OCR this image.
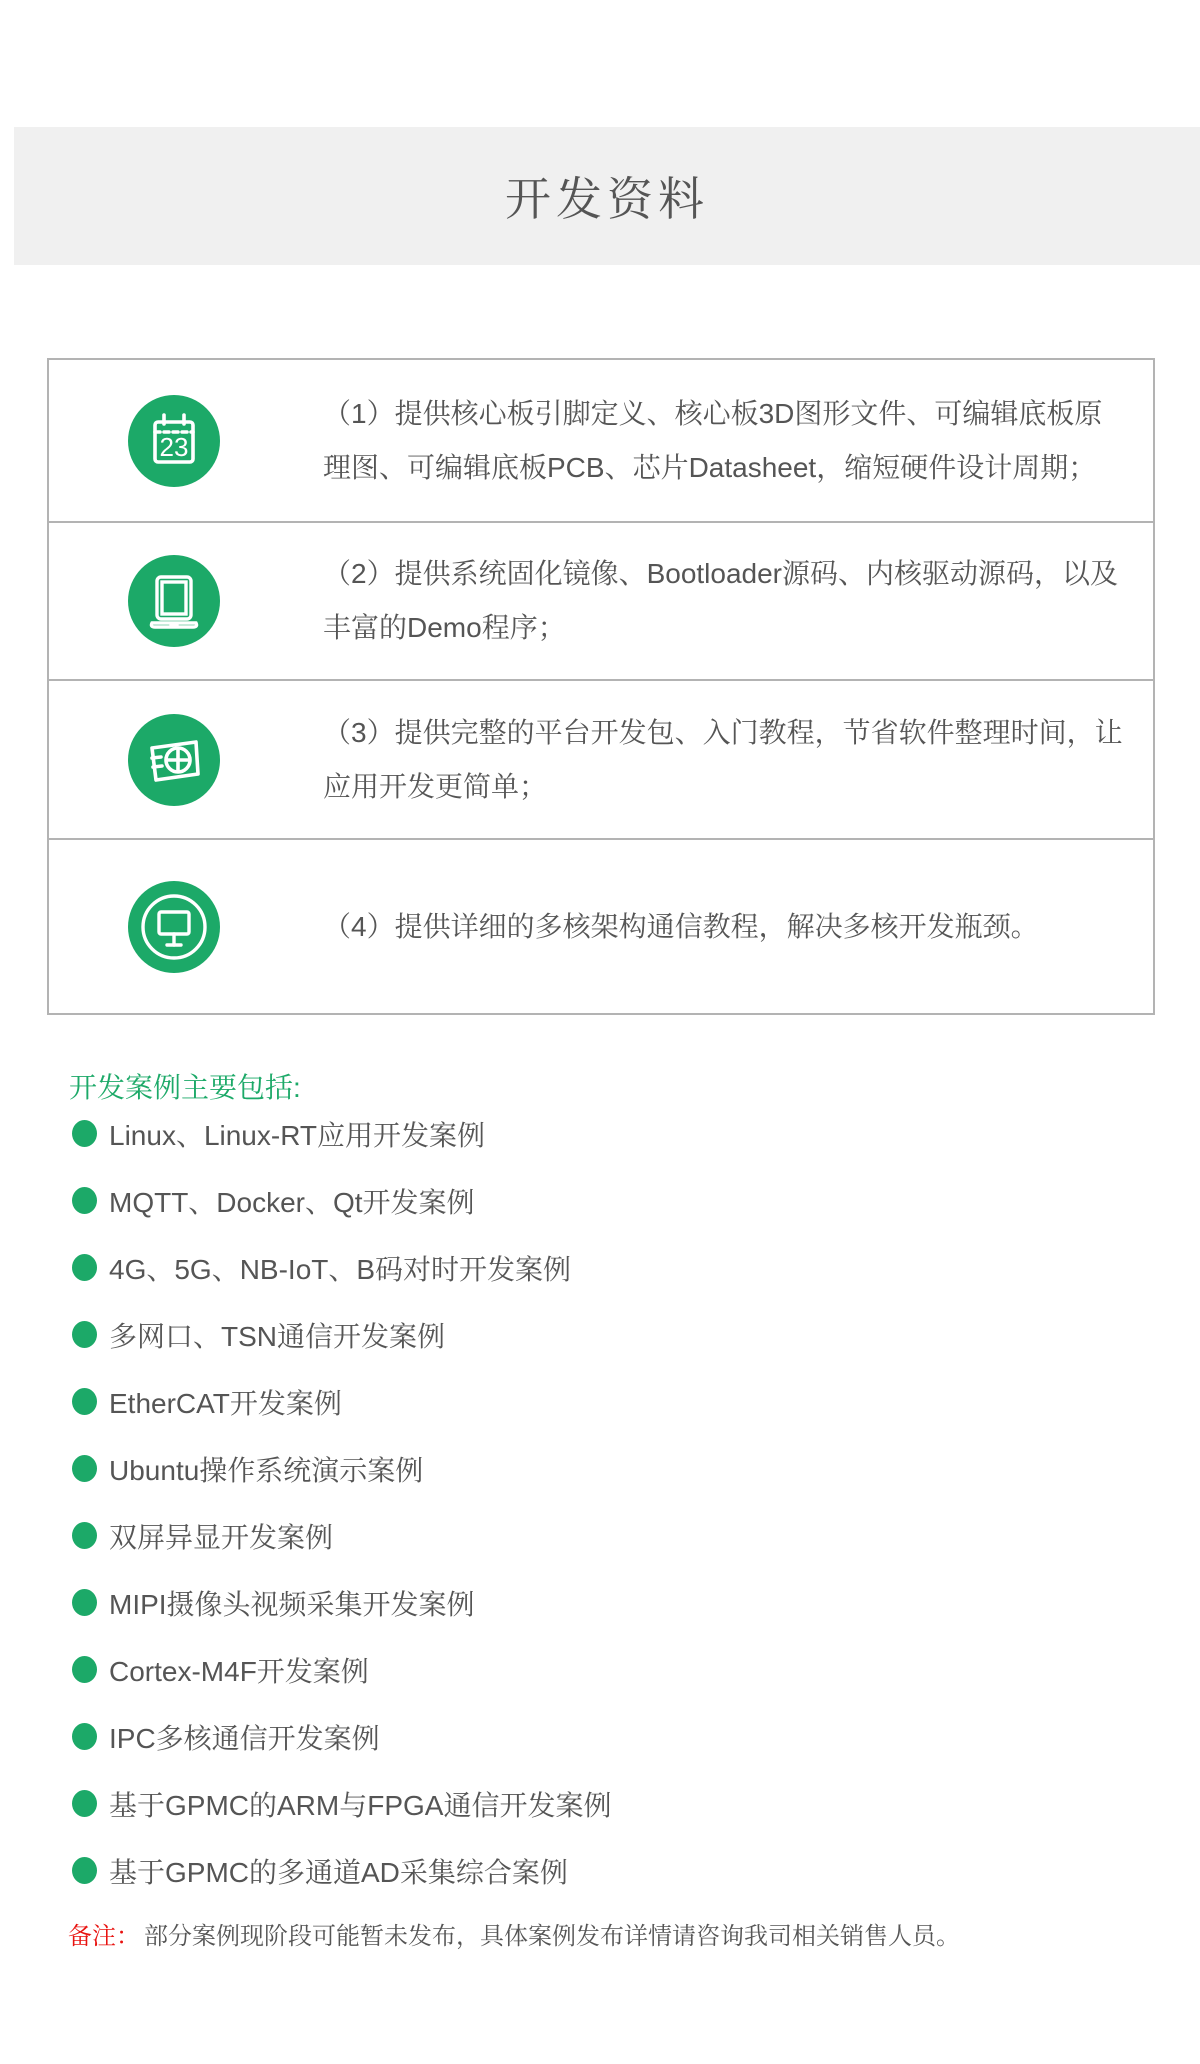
开发资料
23
（1）提供核心板引脚定义、核心板3D图形文件、可编辑底板原理图、可编辑底板PCB、芯片Datasheet，缩短硬件设计周期；
（2）提供系统固化镜像、Bootloader源码、内核驱动源码，以及丰富的Demo程序；
（3）提供完整的平台开发包、入门教程，节省软件整理时间，让应用开发更简单；
（4）提供详细的多核架构通信教程，解决多核开发瓶颈。
开发案例主要包括:
Linux、Linux-RT应用开发案例
MQTT、Docker、Qt开发案例
4G、5G、NB-IoT、B码对时开发案例
多网口、TSN通信开发案例
EtherCAT开发案例
Ubuntu操作系统演示案例
双屏异显开发案例
MIPI摄像头视频采集开发案例
Cortex-M4F开发案例
IPC多核通信开发案例
基于GPMC的ARM与FPGA通信开发案例
基于GPMC的多通道AD采集综合案例
备注： 部分案例现阶段可能暂未发布，具体案例发布详情请咨询我司相关销售人员。
